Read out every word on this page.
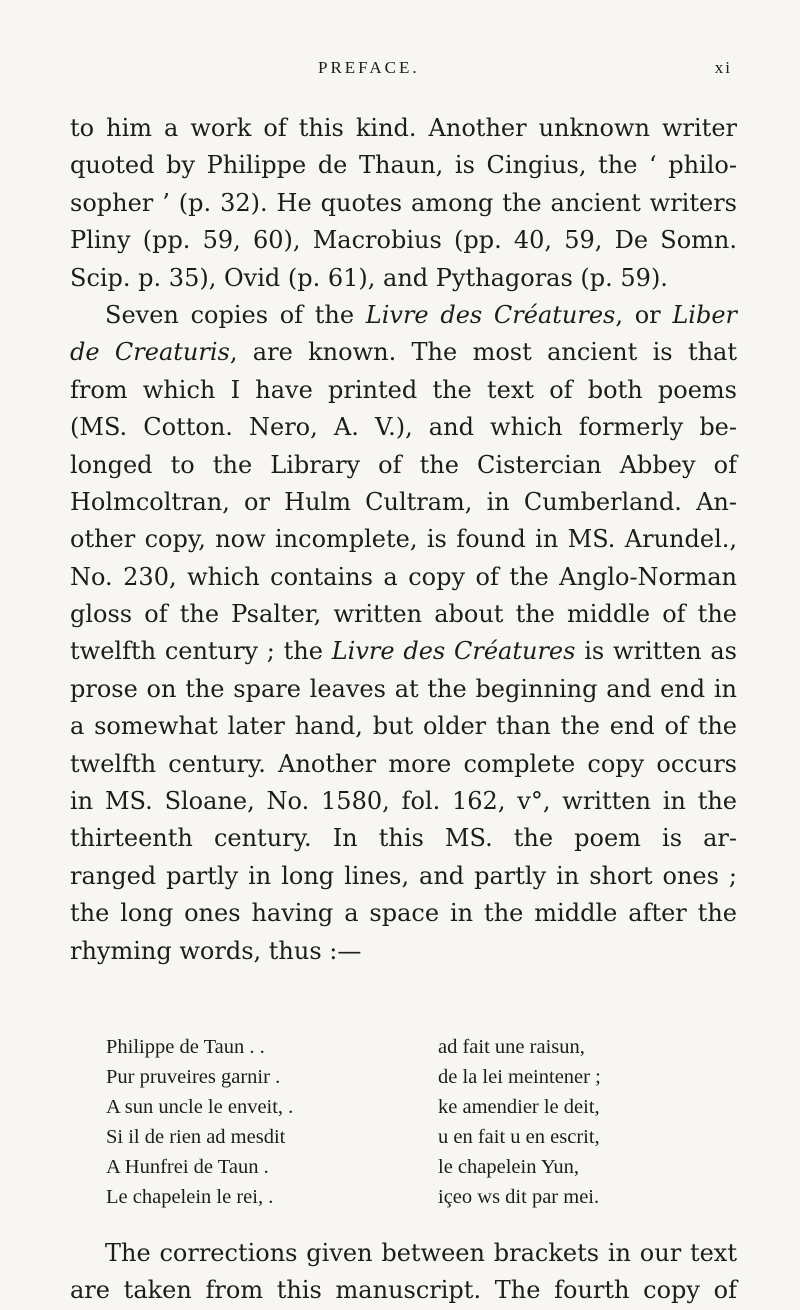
PREFACE.	xi
to him a work of this kind. Another unknown writer
quoted by Philippe de Thaun, is Cingius, the ‘ philo-
sopher ’ (p. 32). He quotes among the ancient writers
Pliny (pp. 59, 60), Macrobius (pp. 40, 59, De Somn.
Scip. p. 35), Ovid (p. 61), and Pythagoras (p. 59).
Seven copies of the Livre des Créatures, or Liber
de Creaturis, are known. The most ancient is that
from which I have printed the text of both poems
(MS. Cotton. Nero, A. V.), and which formerly be-
longed to the Library of the Cistercian Abbey of
Holmcoltran, or Hulm Cultram, in Cumberland. An-
other copy, now incomplete, is found in MS. Arundel.,
No. 230, which contains a copy of the Anglo-Norman
gloss of the Psalter, written about the middle of the
twelfth century ; the Livre des Créatures is written as
prose on the spare leaves at the beginning and end in
a somewhat later hand, but older than the end of the
twelfth century. Another more complete copy occurs
in MS. Sloane, No. 1580, fol. 162, v°, written in the
thirteenth century. In this MS. the poem is ar-
ranged partly in long lines, and partly in short ones ;
the long ones having a space in the middle after the
rhyming words, thus :—
Philippe de Taun . .	ad fait une raisun,
Pur pruveires garnir .	de la lei meintener ;
A sun uncle le enveit, .	ke amendier le deit,
Si il de rien ad mesdit	u en fait u en escrit,
A Hunfrei de Taun .	le chapelein Yun,
Le chapelein le rei, .	içeo ws dit par mei.
The corrections given between brackets in our text
are taken from this manuscript. The fourth copy of
